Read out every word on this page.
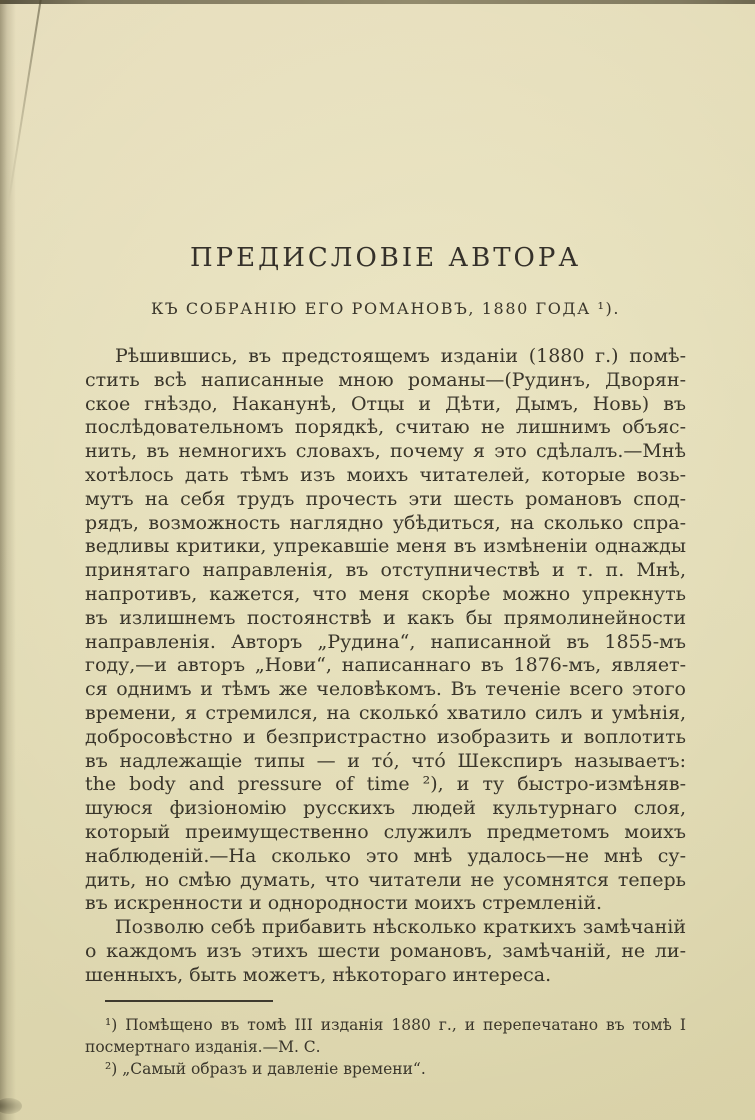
ПРЕДИСЛОВІЕ АВТОРА
КЪ СОБРАНІЮ ЕГО РОМАНОВЪ, 1880 ГОДА ¹).
Рѣшившись, въ предстоящемъ изданіи (1880 г.) помѣ-
стить всѣ написанные мною романы—(Рудинъ, Дворян-
ское гнѣздо, Наканунѣ, Отцы и Дѣти, Дымъ, Новь) въ
послѣдовательномъ порядкѣ, считаю не лишнимъ объяс-
нить, въ немногихъ словахъ, почему я это сдѣлалъ.—Мнѣ
хотѣлось дать тѣмъ изъ моихъ читателей, которые возь-
мутъ на себя трудъ прочесть эти шесть романовъ спод-
рядъ, возможность наглядно убѣдиться, на сколько спра-
ведливы критики, упрекавшіе меня въ измѣненіи однажды
принятаго направленія, въ отступничествѣ и т. п. Мнѣ,
напротивъ, кажется, что меня скорѣе можно упрекнуть
въ излишнемъ постоянствѣ и какъ бы прямолинейности
направленія. Авторъ „Рудина“, написанной въ 1855-мъ
году,—и авторъ „Нови“, написаннаго въ 1876-мъ, являет-
ся однимъ и тѣмъ же человѣкомъ. Въ теченіе всего этого
времени, я стремился, на сколько́ хватило силъ и умѣнія,
добросовѣстно и безпристрастно изобразить и воплотить
въ надлежащіе типы — и то́, что́ Шекспиръ называетъ:
the body and pressure of time ²), и ту быстро-измѣняв-
шуюся физіономію русскихъ людей культурнаго слоя,
который преимущественно служилъ предметомъ моихъ
наблюденій.—На сколько это мнѣ удалось—не мнѣ су-
дить, но смѣю думать, что читатели не усомнятся теперь
въ искренности и однородности моихъ стремленій.
Позволю себѣ прибавить нѣсколько краткихъ замѣчаній
о каждомъ изъ этихъ шести романовъ, замѣчаній, не ли-
шенныхъ, быть можетъ, нѣкотораго интереса.
¹) Помѣщено въ томѣ III изданія 1880 г., и перепечатано въ томѣ I
посмертнаго изданія.—М. С.
²) „Самый образъ и давленіе времени“.
